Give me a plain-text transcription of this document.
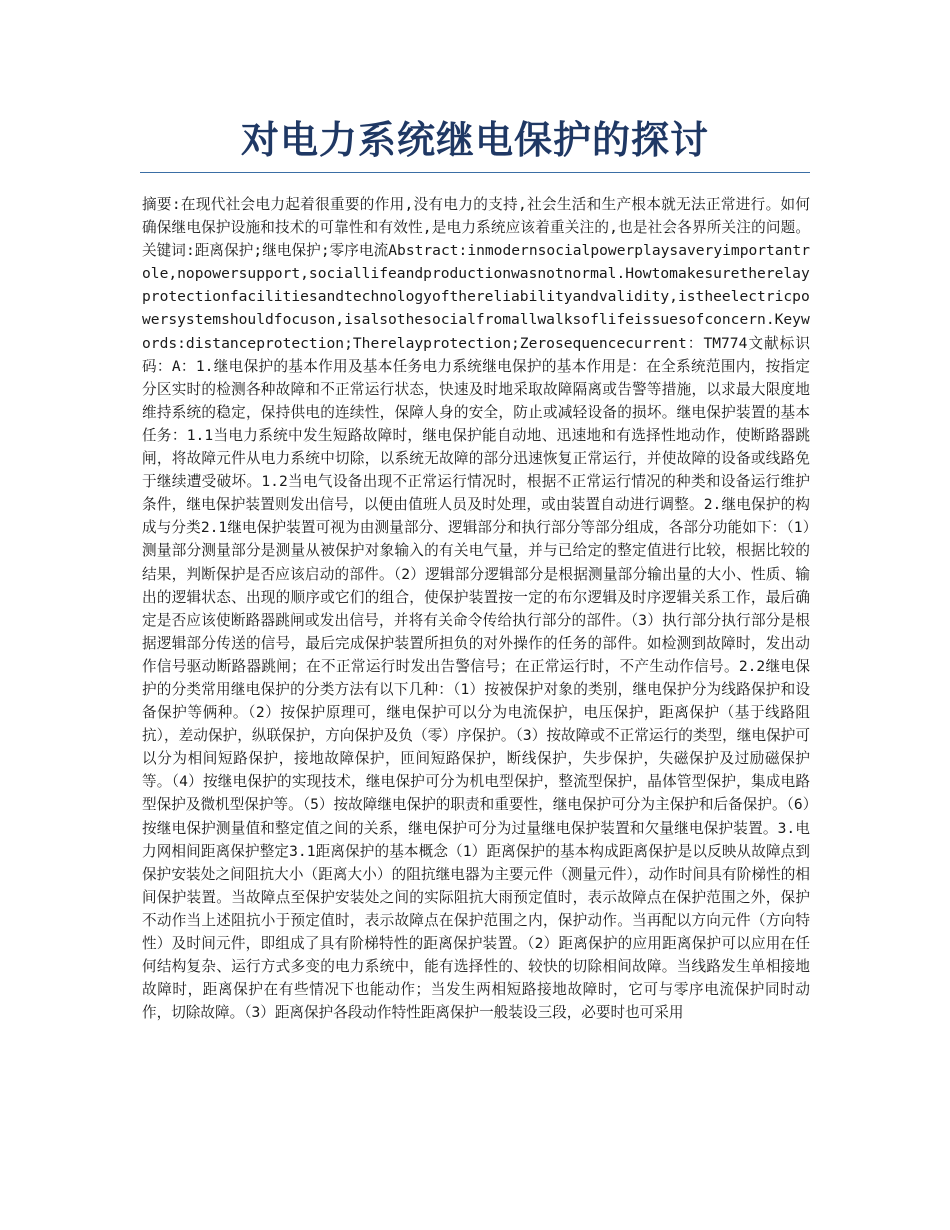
对电力系统继电保护的探讨
摘要:在现代社会电力起着很重要的作用,没有电力的支持,社会生活和生产根本就无法正常进行。如何确保继电保护设施和技术的可靠性和有效性,是电力系统应该着重关注的,也是社会各界所关注的问题。关键词:距离保护;继电保护;零序电流Abstract:inmodernsocialpowerplaysaveryimportantrole,nopowersupport,sociallifeandproductionwasnotnormal.Howtomakesuretherelayprotectionfacilitiesandtechnologyofthereliabilityandvalidity,istheelectricpowersystemshouldfocuson,isalsothesocialfromallwalksoflifeissuesofconcern.Keywords:distanceprotection;Therelayprotection;Zerosequencecurrent：TM774文献标识码：A：1.继电保护的基本作用及基本任务电力系统继电保护的基本作用是：在全系统范围内，按指定分区实时的检测各种故障和不正常运行状态，快速及时地采取故障隔离或告警等措施，以求最大限度地维持系统的稳定，保持供电的连续性，保障人身的安全，防止或减轻设备的损坏。继电保护装置的基本任务：1.1当电力系统中发生短路故障时，继电保护能自动地、迅速地和有选择性地动作，使断路器跳闸，将故障元件从电力系统中切除，以系统无故障的部分迅速恢复正常运行，并使故障的设备或线路免于继续遭受破坏。1.2当电气设备出现不正常运行情况时，根据不正常运行情况的种类和设备运行维护条件，继电保护装置则发出信号，以便由值班人员及时处理，或由装置自动进行调整。2.继电保护的构成与分类2.1继电保护装置可视为由测量部分、逻辑部分和执行部分等部分组成，各部分功能如下：（1）测量部分测量部分是测量从被保护对象输入的有关电气量，并与已给定的整定值进行比较，根据比较的结果，判断保护是否应该启动的部件。（2）逻辑部分逻辑部分是根据测量部分输出量的大小、性质、输出的逻辑状态、出现的顺序或它们的组合，使保护装置按一定的布尔逻辑及时序逻辑关系工作，最后确定是否应该使断路器跳闸或发出信号，并将有关命令传给执行部分的部件。（3）执行部分执行部分是根据逻辑部分传送的信号，最后完成保护装置所担负的对外操作的任务的部件。如检测到故障时，发出动作信号驱动断路器跳闸；在不正常运行时发出告警信号；在正常运行时，不产生动作信号。2.2继电保护的分类常用继电保护的分类方法有以下几种：（1）按被保护对象的类别，继电保护分为线路保护和设备保护等俩种。（2）按保护原理可，继电保护可以分为电流保护，电压保护，距离保护（基于线路阻抗），差动保护，纵联保护，方向保护及负（零）序保护。（3）按故障或不正常运行的类型，继电保护可以分为相间短路保护，接地故障保护，匝间短路保护，断线保护，失步保护，失磁保护及过励磁保护等。（4）按继电保护的实现技术，继电保护可分为机电型保护，整流型保护，晶体管型保护，集成电路型保护及微机型保护等。（5）按故障继电保护的职责和重要性，继电保护可分为主保护和后备保护。（6）按继电保护测量值和整定值之间的关系，继电保护可分为过量继电保护装置和欠量继电保护装置。3.电力网相间距离保护整定3.1距离保护的基本概念（1）距离保护的基本构成距离保护是以反映从故障点到保护安装处之间阻抗大小（距离大小）的阻抗继电器为主要元件（测量元件），动作时间具有阶梯性的相间保护装置。当故障点至保护安装处之间的实际阻抗大雨预定值时，表示故障点在保护范围之外，保护不动作当上述阻抗小于预定值时，表示故障点在保护范围之内，保护动作。当再配以方向元件（方向特性）及时间元件，即组成了具有阶梯特性的距离保护装置。（2）距离保护的应用距离保护可以应用在任何结构复杂、运行方式多变的电力系统中，能有选择性的、较快的切除相间故障。当线路发生单相接地故障时，距离保护在有些情况下也能动作；当发生两相短路接地故障时，它可与零序电流保护同时动作，切除故障。（3）距离保护各段动作特性距离保护一般装设三段，必要时也可采用
